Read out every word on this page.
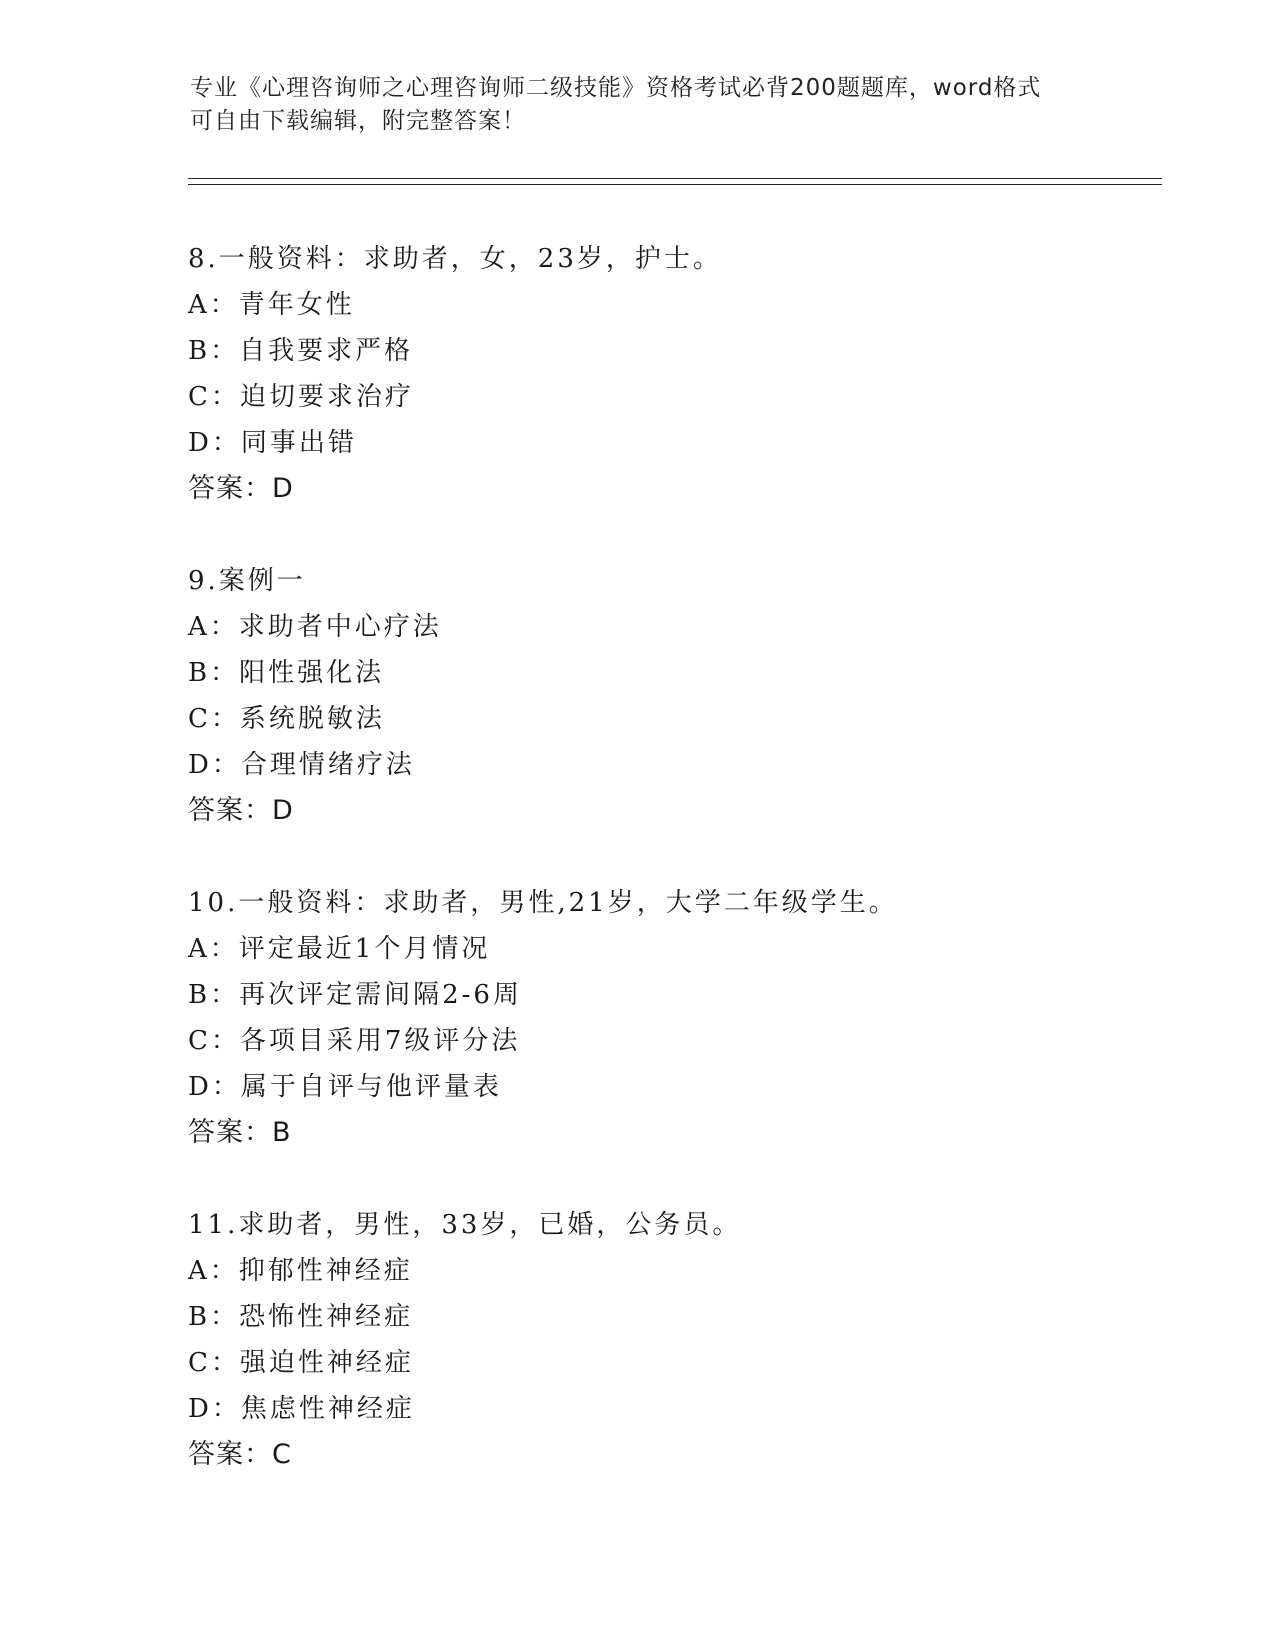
专业《心理咨询师之心理咨询师二级技能》资格考试必背200题题库，word格式
可自由下载编辑，附完整答案！
8.一般资料：求助者，女，23岁，护士。
A：青年女性
B：自我要求严格
C：迫切要求治疗
D：同事出错
答案：D
9.案例一
A：求助者中心疗法
B：阳性强化法
C：系统脱敏法
D：合理情绪疗法
答案：D
10.一般资料：求助者，男性,21岁，大学二年级学生。
A：评定最近1个月情况
B：再次评定需间隔2-6周
C：各项目采用7级评分法
D：属于自评与他评量表
答案：B
11.求助者，男性，33岁，已婚，公务员。
A：抑郁性神经症
B：恐怖性神经症
C：强迫性神经症
D：焦虑性神经症
答案：C
